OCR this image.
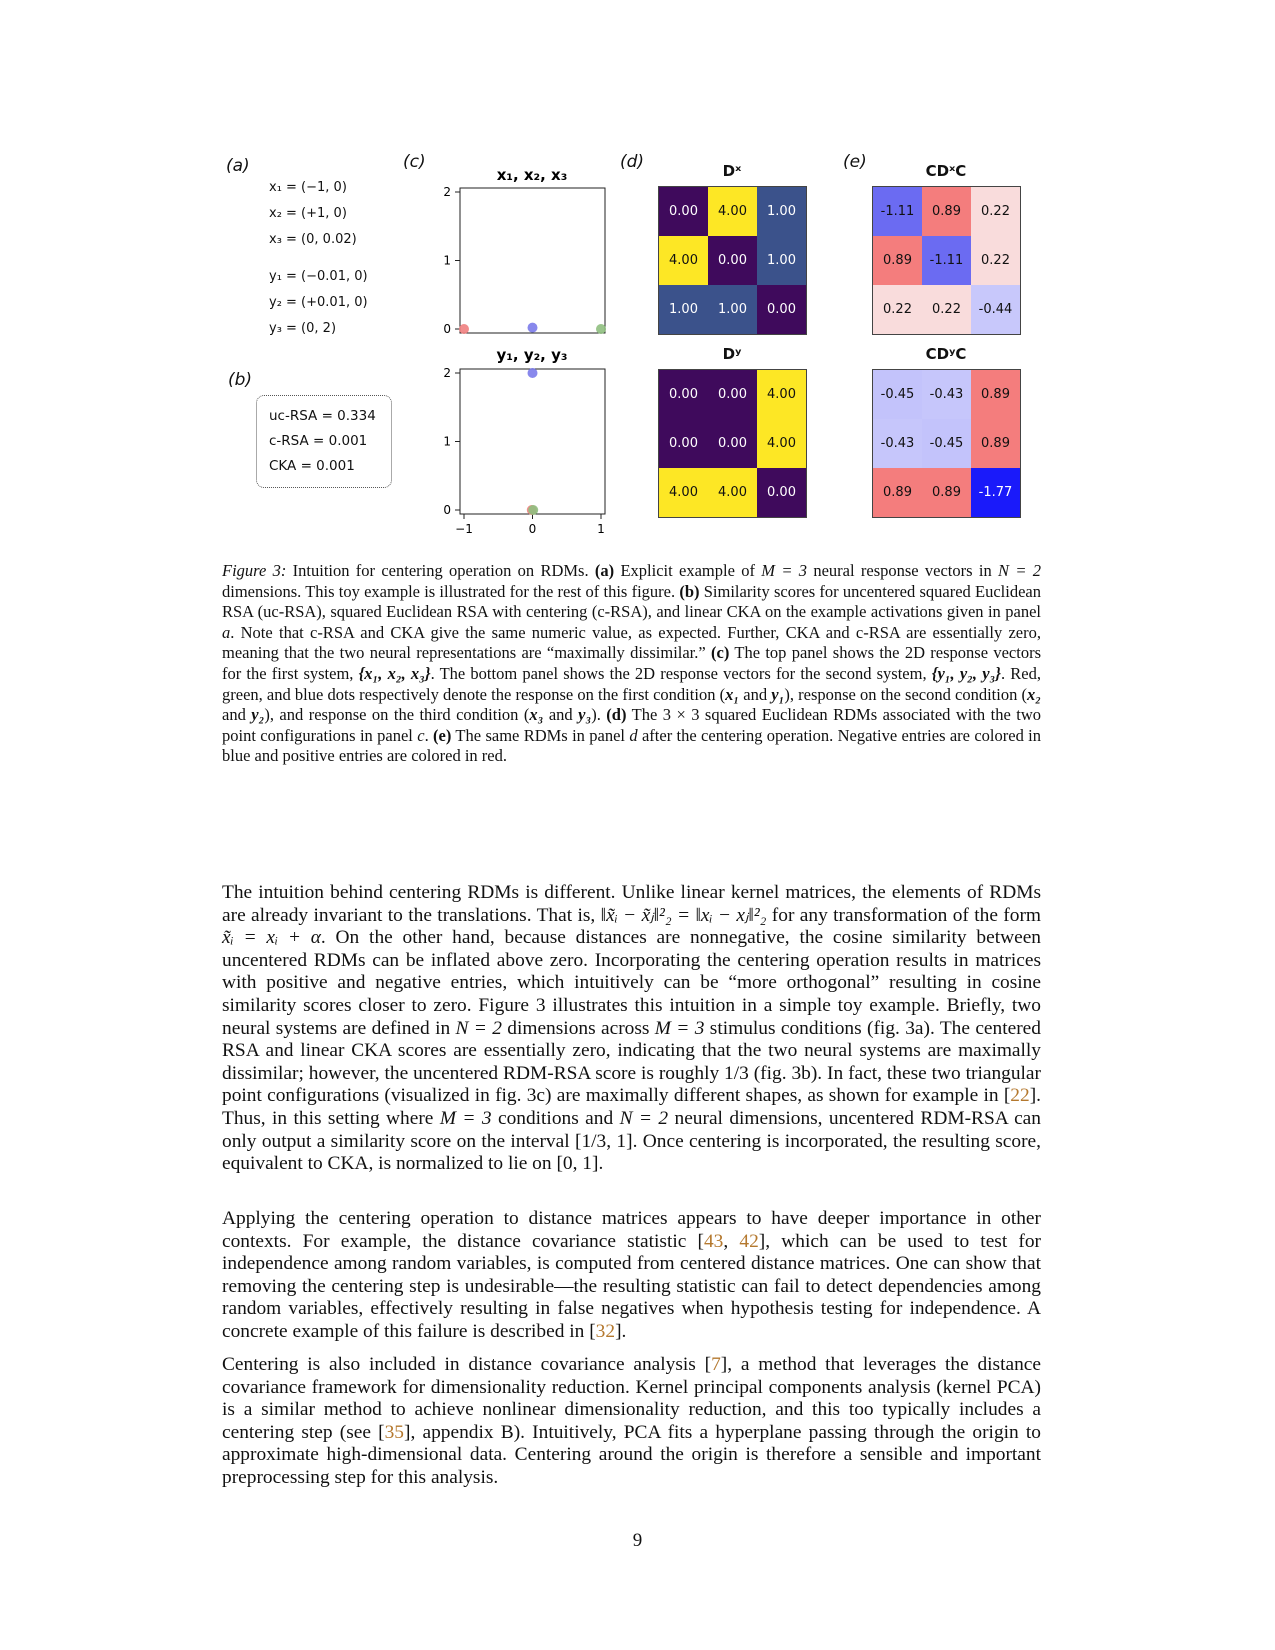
(a)
x₁ = (−1, 0)
x₂ = (+1, 0)
x₃ = (0, 0.02)
y₁ = (−0.01, 0)
y₂ = (+0.01, 0)
y₃ = (0, 2)
(b)
uc-RSA = 0.334
c-RSA = 0.001
CKA = 0.001
(c)
x₁, x₂, x₃
2
1
0
y₁, y₂, y₃
2
1
0
−1	0	1
(d)	Dˣ
0.00	4.00	1.00
4.00	0.00	1.00
1.00	1.00	0.00
Dʸ
0.00	0.00	4.00
0.00	0.00	4.00
4.00	4.00	0.00
(e)	CDˣC
-1.11	0.89	0.22
0.89	-1.11	0.22
0.22	0.22	-0.44
CDʸC
-0.45	-0.43	0.89
-0.43	-0.45	0.89
0.89	0.89	-1.77
Figure 3: Intuition for centering operation on RDMs. (a) Explicit example of M = 3 neural response vectors in N = 2 dimensions. This toy example is illustrated for the rest of this figure. (b) Similarity scores for uncentered squared Euclidean RSA (uc-RSA), squared Euclidean RSA with centering (c-RSA), and linear CKA on the example activations given in panel a. Note that c-RSA and CKA give the same numeric value, as expected. Further, CKA and c-RSA are essentially zero, meaning that the two neural representations are “maximally dissimilar.” (c) The top panel shows the 2D response vectors for the first system, {x₁, x₂, x₃}. The bottom panel shows the 2D response vectors for the second system, {y₁, y₂, y₃}. Red, green, and blue dots respectively denote the response on the first condition (x₁ and y₁), response on the second condition (x₂ and y₂), and response on the third condition (x₃ and y₃). (d) The 3 × 3 squared Euclidean RDMs associated with the two point configurations in panel c. (e) The same RDMs in panel d after the centering operation. Negative entries are colored in blue and positive entries are colored in red.
The intuition behind centering RDMs is different. Unlike linear kernel matrices, the elements of RDMs are already invariant to the translations. That is, ‖x̃ᵢ − x̃ⱼ‖²₂ = ‖xᵢ − xⱼ‖²₂ for any transformation of the form x̃ᵢ = xᵢ + α. On the other hand, because distances are nonnegative, the cosine similarity between uncentered RDMs can be inflated above zero. Incorporating the centering operation results in matrices with positive and negative entries, which intuitively can be “more orthogonal” resulting in cosine similarity scores closer to zero. Figure 3 illustrates this intuition in a simple toy example. Briefly, two neural systems are defined in N = 2 dimensions across M = 3 stimulus conditions (fig. 3a). The centered RSA and linear CKA scores are essentially zero, indicating that the two neural systems are maximally dissimilar; however, the uncentered RDM-RSA score is roughly 1/3 (fig. 3b). In fact, these two triangular point configurations (visualized in fig. 3c) are maximally different shapes, as shown for example in [22]. Thus, in this setting where M = 3 conditions and N = 2 neural dimensions, uncentered RDM-RSA can only output a similarity score on the interval [1/3, 1]. Once centering is incorporated, the resulting score, equivalent to CKA, is normalized to lie on [0, 1].
Applying the centering operation to distance matrices appears to have deeper importance in other contexts. For example, the distance covariance statistic [43, 42], which can be used to test for independence among random variables, is computed from centered distance matrices. One can show that removing the centering step is undesirable—the resulting statistic can fail to detect dependencies among random variables, effectively resulting in false negatives when hypothesis testing for independence. A concrete example of this failure is described in [32].
Centering is also included in distance covariance analysis [7], a method that leverages the distance covariance framework for dimensionality reduction. Kernel principal components analysis (kernel PCA) is a similar method to achieve nonlinear dimensionality reduction, and this too typically includes a centering step (see [35], appendix B). Intuitively, PCA fits a hyperplane passing through the origin to approximate high-dimensional data. Centering around the origin is therefore a sensible and important preprocessing step for this analysis.
9
